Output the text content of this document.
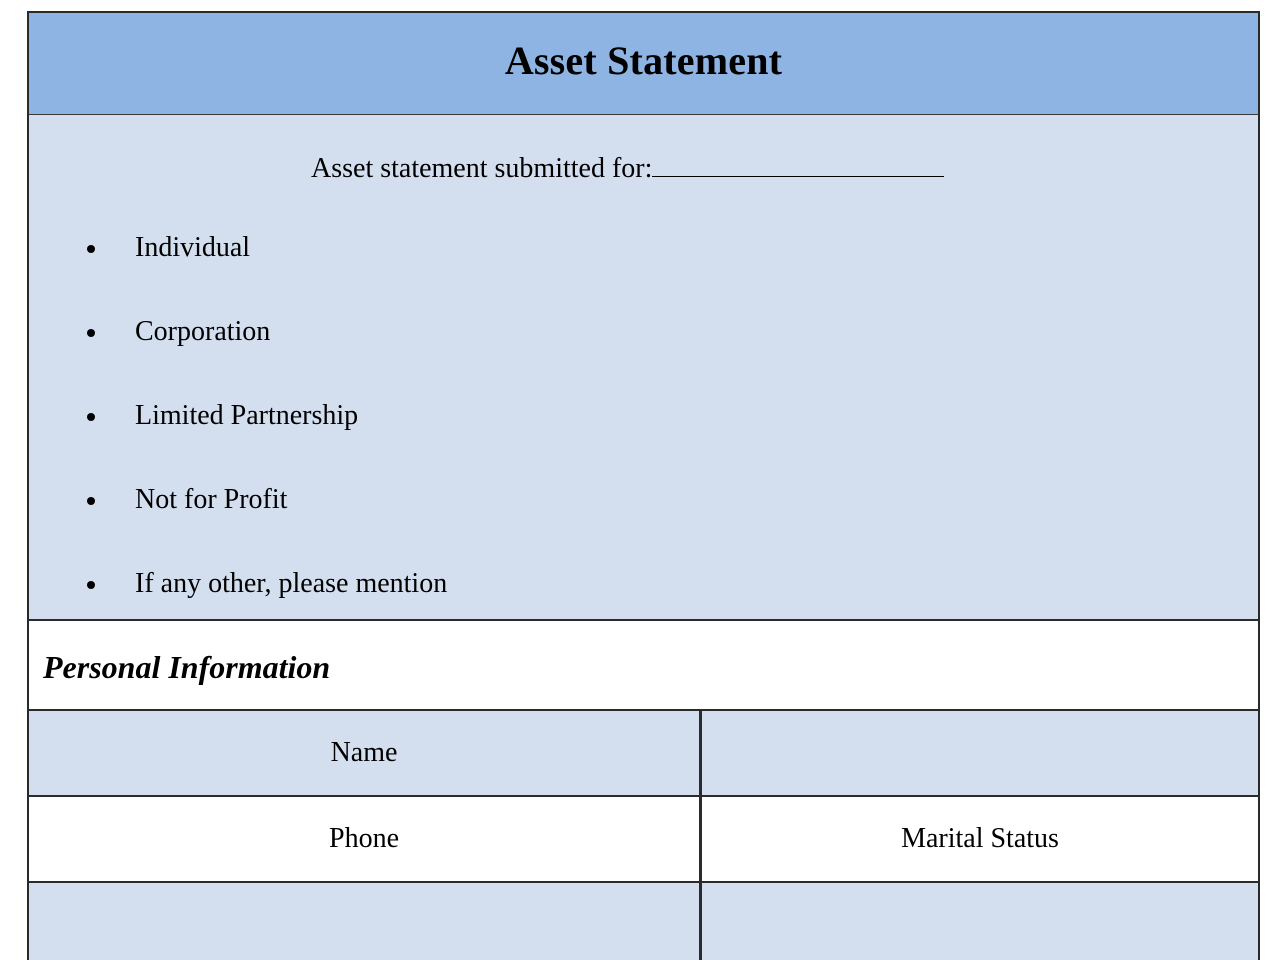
Asset Statement
Asset statement submitted for:
Individual
Corporation
Limited Partnership
Not for Profit
If any other, please mention
Personal Information
Name
Phone	Marital Status
